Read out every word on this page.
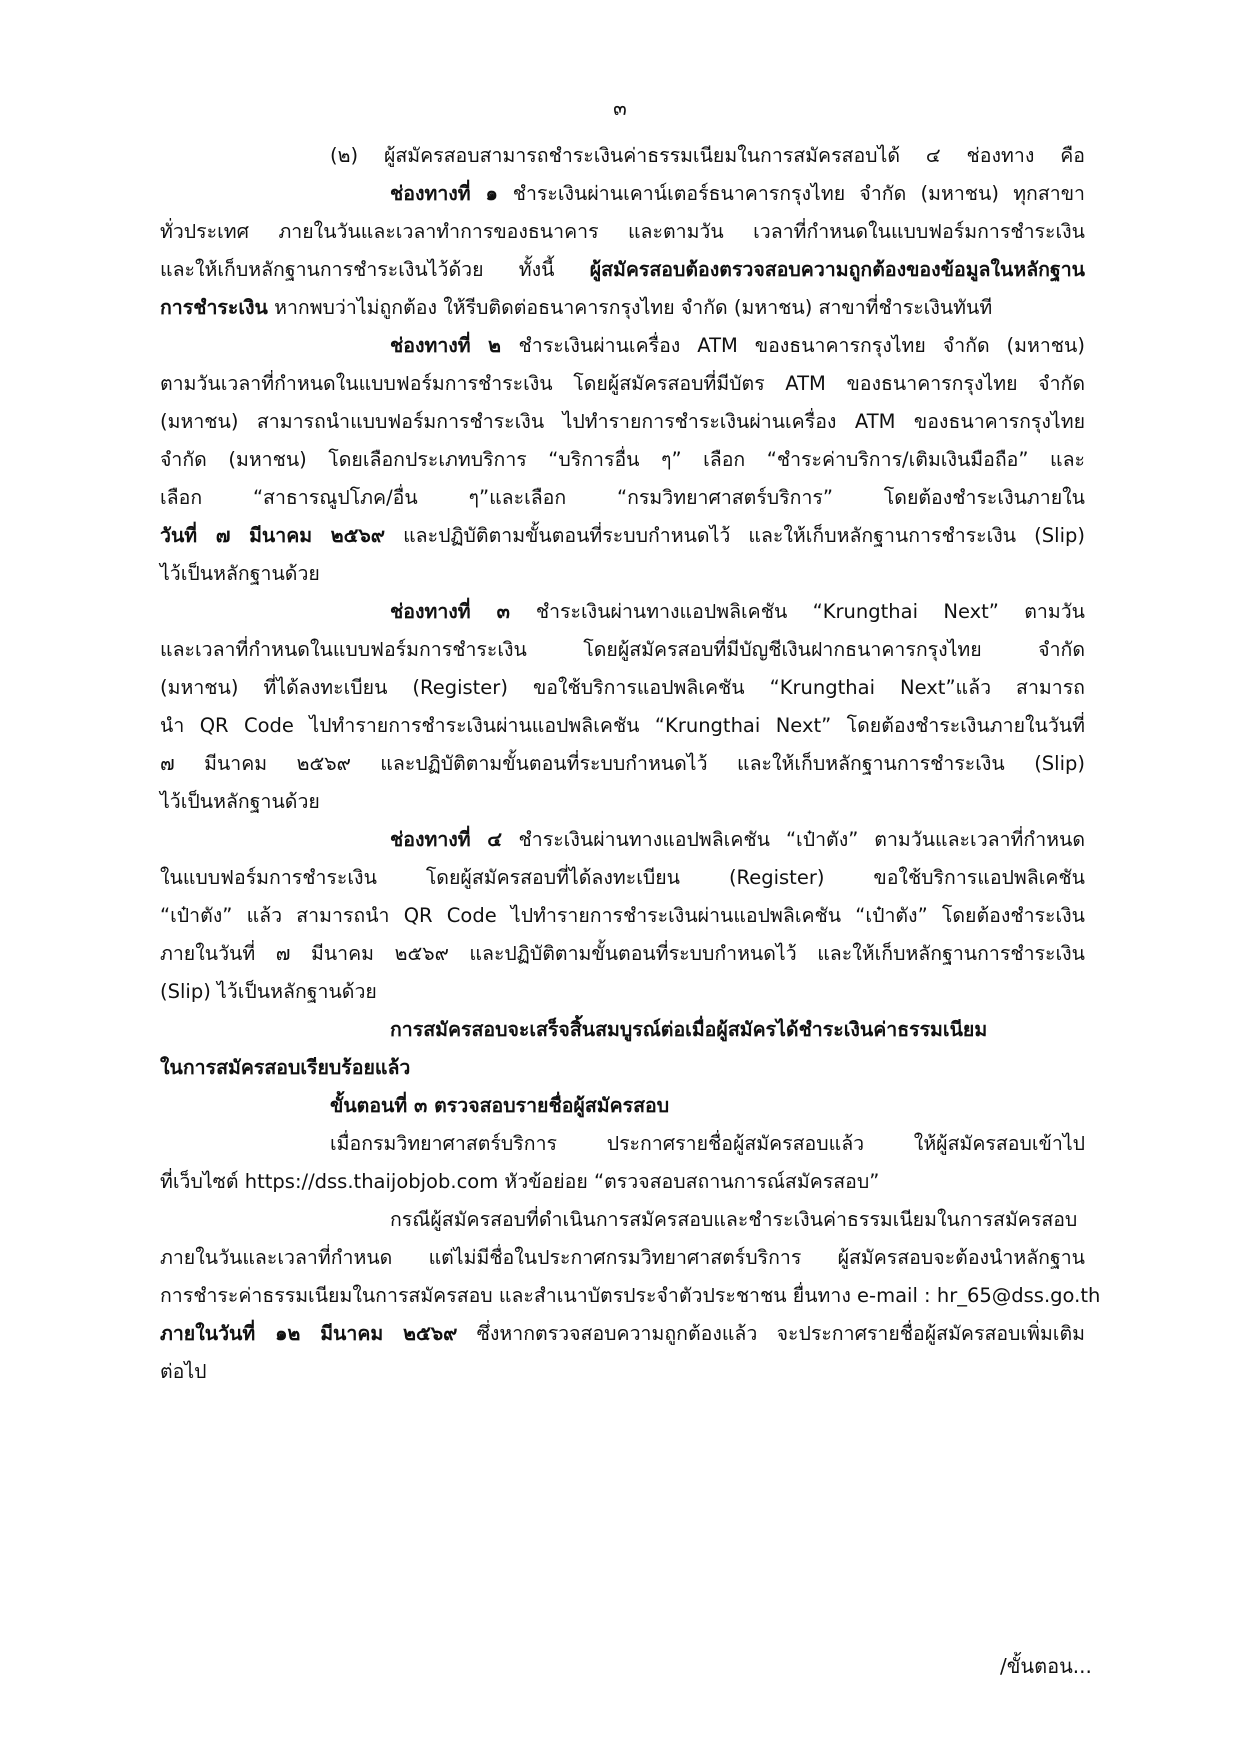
๓
(๒) ผู้สมัครสอบสามารถชำระเงินค่าธรรมเนียมในการสมัครสอบได้ ๔ ช่องทาง คือ
ช่องทางที่ ๑ ชำระเงินผ่านเคาน์เตอร์ธนาคารกรุงไทย จำกัด (มหาชน) ทุกสาขา
ทั่วประเทศ ภายในวันและเวลาทำการของธนาคาร และตามวัน เวลาที่กำหนดในแบบฟอร์มการชำระเงิน
และให้เก็บหลักฐานการชำระเงินไว้ด้วย ทั้งนี้ ผู้สมัครสอบต้องตรวจสอบความถูกต้องของข้อมูลในหลักฐาน
การชำระเงิน หากพบว่าไม่ถูกต้อง ให้รีบติดต่อธนาคารกรุงไทย จำกัด (มหาชน) สาขาที่ชำระเงินทันที
ช่องทางที่ ๒ ชำระเงินผ่านเครื่อง ATM ของธนาคารกรุงไทย จำกัด (มหาชน)
ตามวันเวลาที่กำหนดในแบบฟอร์มการชำระเงิน โดยผู้สมัครสอบที่มีบัตร ATM ของธนาคารกรุงไทย จำกัด
(มหาชน) สามารถนำแบบฟอร์มการชำระเงิน ไปทำรายการชำระเงินผ่านเครื่อง ATM ของธนาคารกรุงไทย
จำกัด (มหาชน) โดยเลือกประเภทบริการ “บริการอื่น ๆ” เลือก “ชำระค่าบริการ/เติมเงินมือถือ” และ
เลือก “สาธารณูปโภค/อื่น ๆ”และเลือก “กรมวิทยาศาสตร์บริการ” โดยต้องชำระเงินภายใน
วันที่ ๗ มีนาคม ๒๕๖๙ และปฏิบัติตามขั้นตอนที่ระบบกำหนดไว้ และให้เก็บหลักฐานการชำระเงิน (Slip)
ไว้เป็นหลักฐานด้วย
ช่องทางที่ ๓ ชำระเงินผ่านทางแอปพลิเคชัน “Krungthai Next” ตามวัน
และเวลาที่กำหนดในแบบฟอร์มการชำระเงิน โดยผู้สมัครสอบที่มีบัญชีเงินฝากธนาคารกรุงไทย จำกัด
(มหาชน) ที่ได้ลงทะเบียน (Register) ขอใช้บริการแอปพลิเคชัน “Krungthai Next”แล้ว สามารถ
นำ QR Code ไปทำรายการชำระเงินผ่านแอปพลิเคชัน “Krungthai Next” โดยต้องชำระเงินภายในวันที่
๗ มีนาคม ๒๕๖๙ และปฏิบัติตามขั้นตอนที่ระบบกำหนดไว้ และให้เก็บหลักฐานการชำระเงิน (Slip)
ไว้เป็นหลักฐานด้วย
ช่องทางที่ ๔ ชำระเงินผ่านทางแอปพลิเคชัน “เป๋าตัง” ตามวันและเวลาที่กำหนด
ในแบบฟอร์มการชำระเงิน โดยผู้สมัครสอบที่ได้ลงทะเบียน (Register) ขอใช้บริการแอปพลิเคชัน
“เป๋าตัง” แล้ว สามารถนำ QR Code ไปทำรายการชำระเงินผ่านแอปพลิเคชัน “เป๋าตัง” โดยต้องชำระเงิน
ภายในวันที่ ๗ มีนาคม ๒๕๖๙ และปฏิบัติตามขั้นตอนที่ระบบกำหนดไว้ และให้เก็บหลักฐานการชำระเงิน
(Slip) ไว้เป็นหลักฐานด้วย
การสมัครสอบจะเสร็จสิ้นสมบูรณ์ต่อเมื่อผู้สมัครได้ชำระเงินค่าธรรมเนียม
ในการสมัครสอบเรียบร้อยแล้ว
ขั้นตอนที่ ๓ ตรวจสอบรายชื่อผู้สมัครสอบ
เมื่อกรมวิทยาศาสตร์บริการ ประกาศรายชื่อผู้สมัครสอบแล้ว ให้ผู้สมัครสอบเข้าไป
ที่เว็บไซต์ https://dss.thaijobjob.com หัวข้อย่อย “ตรวจสอบสถานการณ์สมัครสอบ”
กรณีผู้สมัครสอบที่ดำเนินการสมัครสอบและชำระเงินค่าธรรมเนียมในการสมัครสอบ
ภายในวันและเวลาที่กำหนด แต่ไม่มีชื่อในประกาศกรมวิทยาศาสตร์บริการ ผู้สมัครสอบจะต้องนำหลักฐาน
การชำระค่าธรรมเนียมในการสมัครสอบ และสำเนาบัตรประจำตัวประชาชน ยื่นทาง e-mail : hr_65@dss.go.th
ภายในวันที่ ๑๒ มีนาคม ๒๕๖๙ ซึ่งหากตรวจสอบความถูกต้องแล้ว จะประกาศรายชื่อผู้สมัครสอบเพิ่มเติม
ต่อไป
/ขั้นตอน...
